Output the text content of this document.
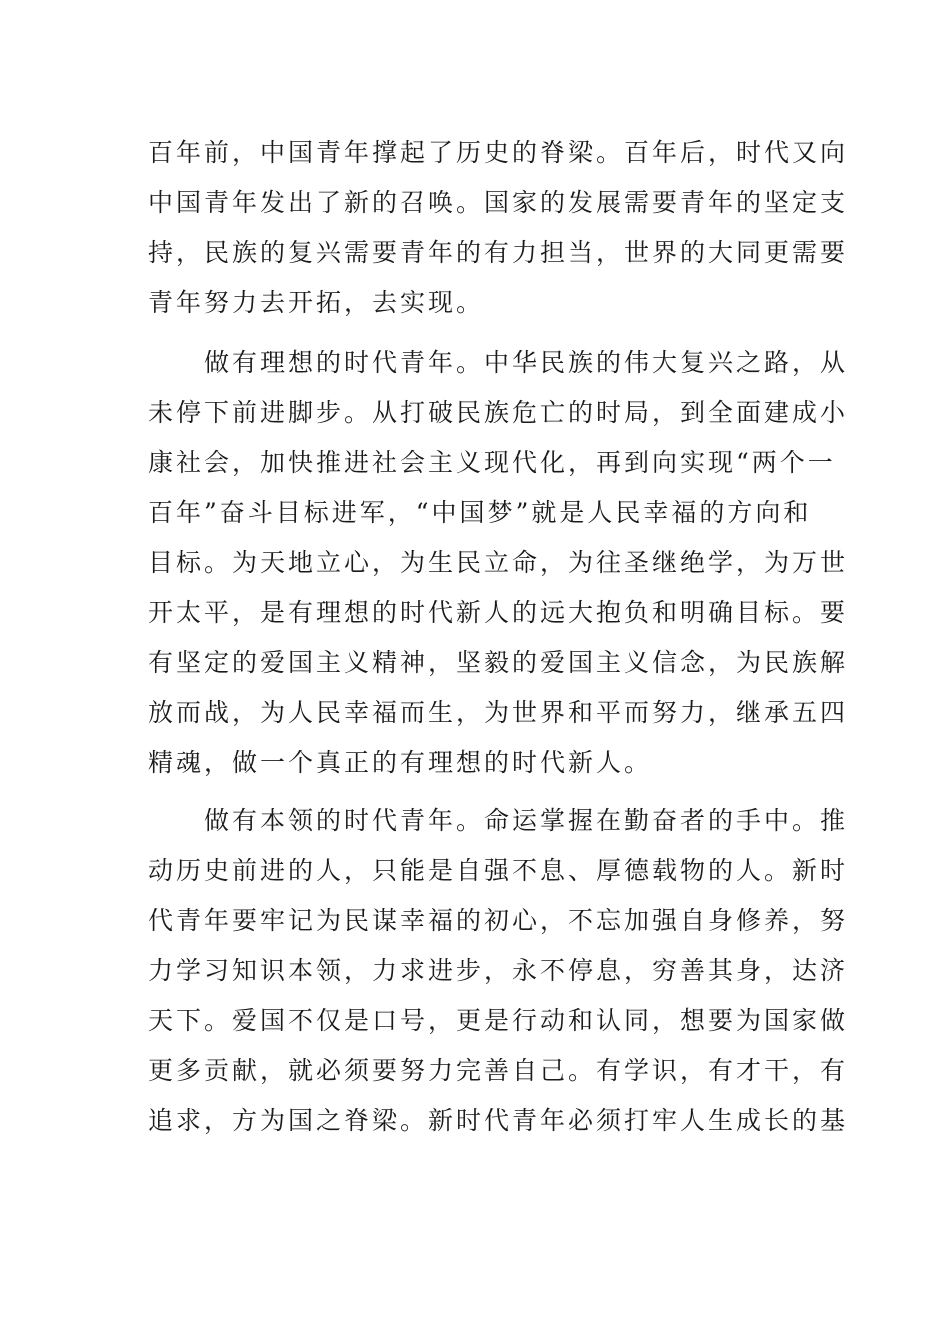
百年前，中国青年撑起了历史的脊梁。百年后，时代又向
中国青年发出了新的召唤。国家的发展需要青年的坚定支
持，民族的复兴需要青年的有力担当，世界的大同更需要
青年努力去开拓，去实现。
做有理想的时代青年。中华民族的伟大复兴之路，从
未停下前进脚步。从打破民族危亡的时局，到全面建成小
康社会，加快推进社会主义现代化，再到向实现“两个一
百年”奋斗目标进军，“中国梦”就是人民幸福的方向和
目标。为天地立心，为生民立命，为往圣继绝学，为万世
开太平，是有理想的时代新人的远大抱负和明确目标。要
有坚定的爱国主义精神，坚毅的爱国主义信念，为民族解
放而战，为人民幸福而生，为世界和平而努力，继承五四
精魂，做一个真正的有理想的时代新人。
做有本领的时代青年。命运掌握在勤奋者的手中。推
动历史前进的人，只能是自强不息、厚德载物的人。新时
代青年要牢记为民谋幸福的初心，不忘加强自身修养，努
力学习知识本领，力求进步，永不停息，穷善其身，达济
天下。爱国不仅是口号，更是行动和认同，想要为国家做
更多贡献，就必须要努力完善自己。有学识，有才干，有
追求，方为国之脊梁。新时代青年必须打牢人生成长的基
